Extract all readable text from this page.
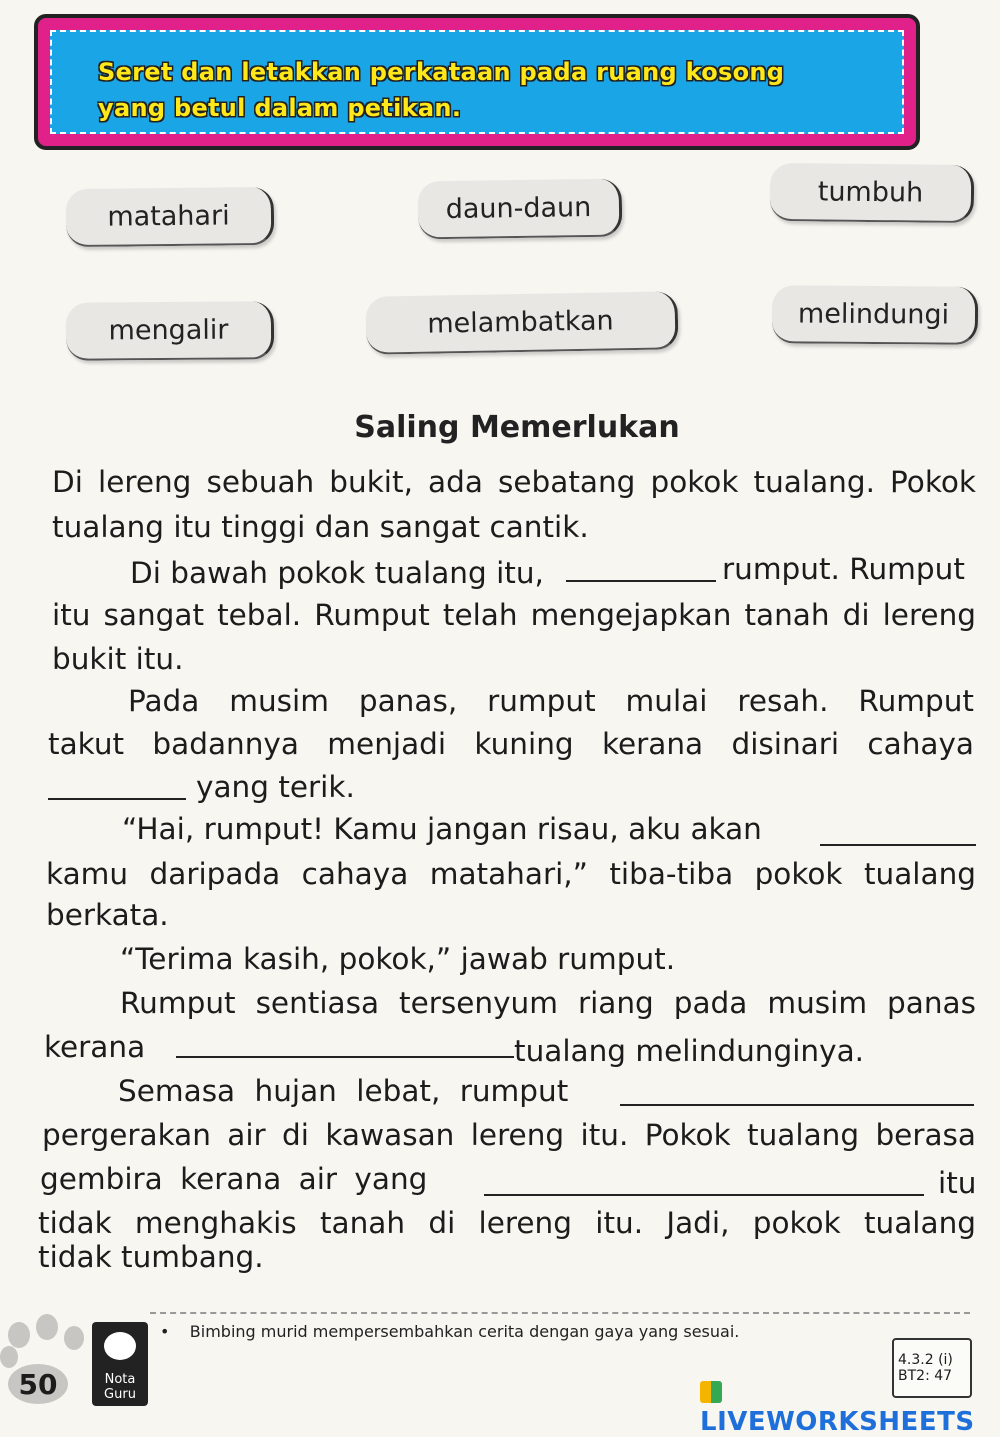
Seret dan letakkan perkataan pada ruang kosong
yang betul dalam petikan.
matahari	daun-daun	tumbuh
mengalir	melambatkan	melindungi
Saling Memerlukan
Di lereng sebuah bukit, ada sebatang pokok tualang. Pokok
tualang itu tinggi dan sangat cantik.
Di bawah pokok tualang itu,	rumput. Rumput
itu sangat tebal. Rumput telah mengejapkan tanah di lereng
bukit itu.
Pada musim panas, rumput mulai resah. Rumput
takut badannya menjadi kuning kerana disinari cahaya
yang terik.
“Hai, rumput! Kamu jangan risau, aku akan
kamu daripada cahaya matahari,” tiba-tiba pokok tualang
berkata.
“Terima kasih, pokok,” jawab rumput.
Rumput sentiasa tersenyum riang pada musim panas
kerana	tualang melindunginya.
Semasa hujan lebat, rumput
pergerakan air di kawasan lereng itu. Pokok tualang berasa
gembira kerana air yang	itu
tidak menghakis tanah di lereng itu. Jadi, pokok tualang
tidak tumbang.
50	Nota
Guru
•    Bimbing murid mempersembahkan cerita dengan gaya yang sesuai.
4.3.2 (i)
BT2: 47
LIVEWORKSHEETS
